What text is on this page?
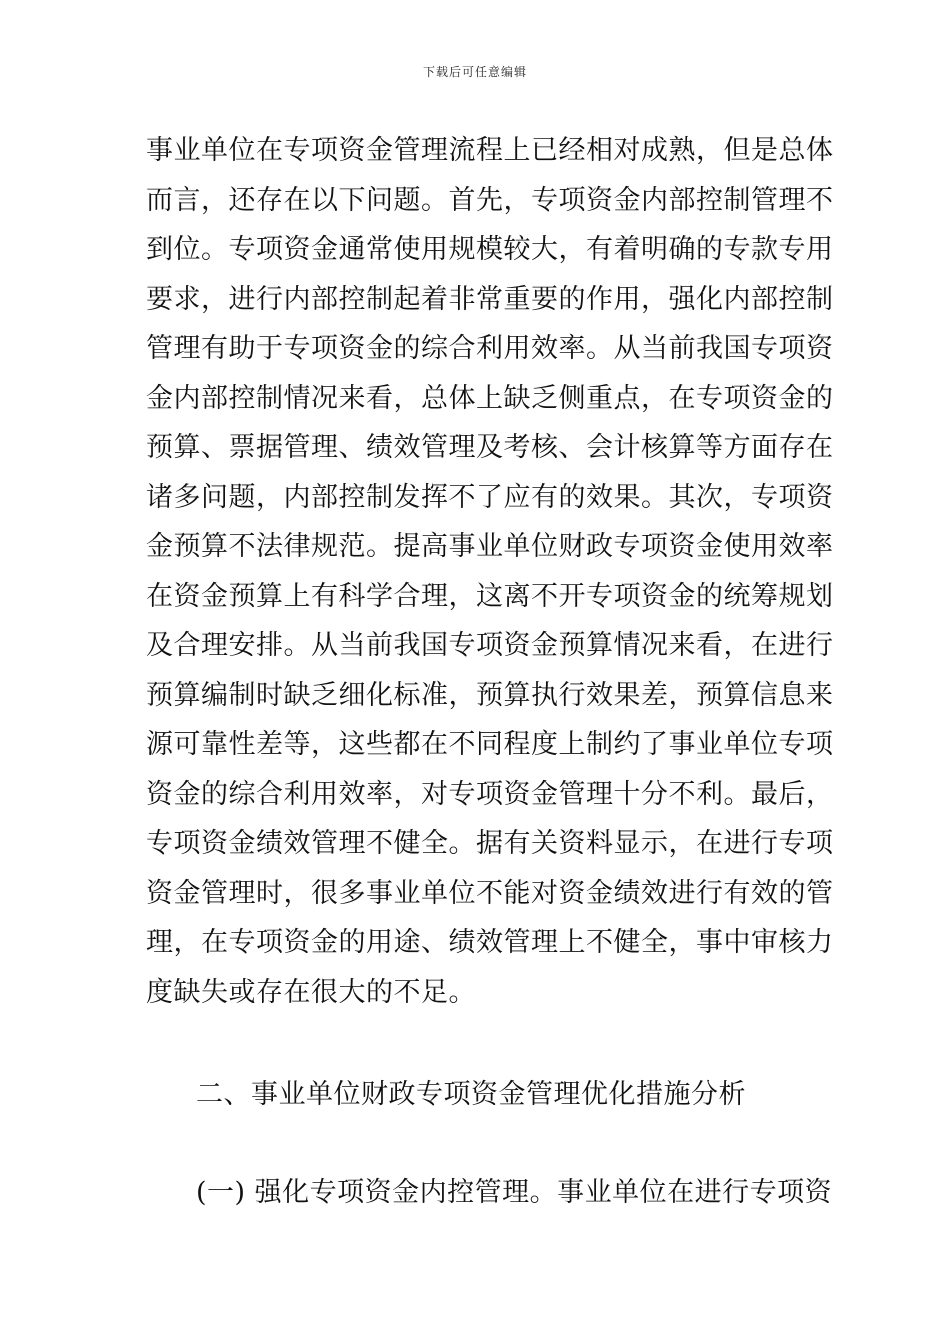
下载后可任意编辑
事业单位在专项资金管理流程上已经相对成熟，但是总体
而言，还存在以下问题。首先，专项资金内部控制管理不
到位。专项资金通常使用规模较大，有着明确的专款专用
要求，进行内部控制起着非常重要的作用，强化内部控制
管理有助于专项资金的综合利用效率。从当前我国专项资
金内部控制情况来看，总体上缺乏侧重点，在专项资金的
预算、票据管理、绩效管理及考核、会计核算等方面存在
诸多问题，内部控制发挥不了应有的效果。其次，专项资
金预算不法律规范。提高事业单位财政专项资金使用效率
在资金预算上有科学合理，这离不开专项资金的统筹规划
及合理安排。从当前我国专项资金预算情况来看，在进行
预算编制时缺乏细化标准，预算执行效果差，预算信息来
源可靠性差等，这些都在不同程度上制约了事业单位专项
资金的综合利用效率，对专项资金管理十分不利。最后，
专项资金绩效管理不健全。据有关资料显示，在进行专项
资金管理时，很多事业单位不能对资金绩效进行有效的管
理，在专项资金的用途、绩效管理上不健全，事中审核力
度缺失或存在很大的不足。
二、事业单位财政专项资金管理优化措施分析
(一) 强化专项资金内控管理。事业单位在进行专项资
